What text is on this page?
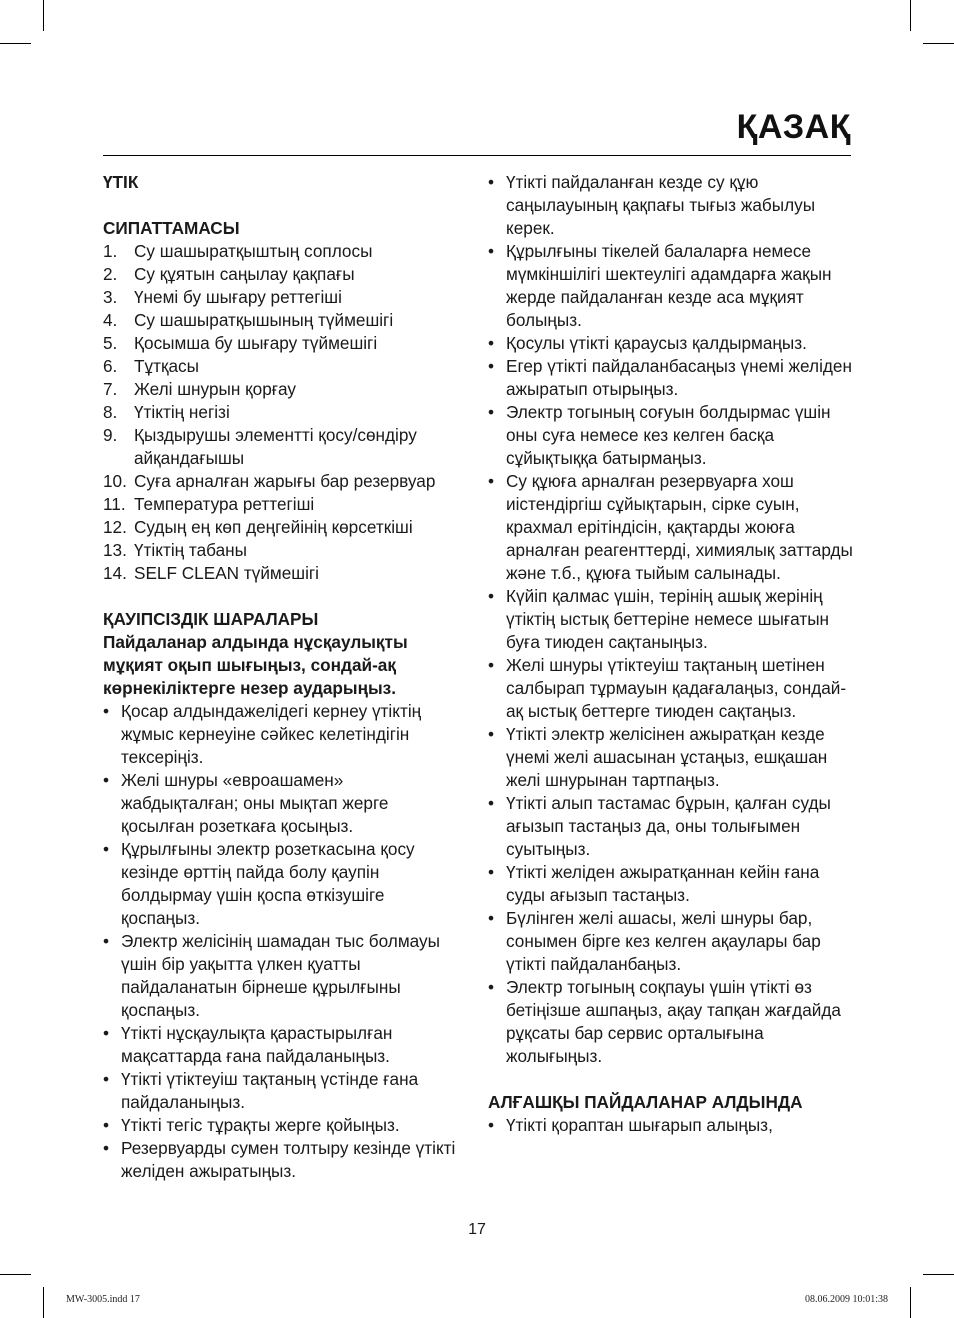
ҚАЗАҚ
ҮТІК
СИПАТТАМАСЫ
1. Су шашыратқыштың соплосы
2. Су құятын саңылау қақпағы
3. Үнемі бу шығару реттегіші
4. Су шашыратқышының түймешігі
5. Қосымша бу шығару түймешігі
6. Тұтқасы
7. Желі шнурын қорғау
8. Үтіктің негізі
9. Қыздырушы элементті қосу/сөндіру айқандағышы
10. Суға арналған жарығы бар резервуар
11. Температура реттегіші
12. Судың ең көп деңгейінің көрсеткіші
13. Үтіктің табаны
14. SELF CLEAN түймешігі
ҚАУІПСІЗДІК ШАРАЛАРЫ
Пайдаланар алдында нұсқаулықты мұқият оқып шығыңыз, сондай-ақ көрнекіліктерге незер аударыңыз.
• Қосар алдындажелідегі кернеу үтіктің жұмыс кернеуіне сәйкес келетіндігін тексеріңіз.
• Желі шнуры «евроашамен» жабдықталған; оны мықтап жерге қосылған розеткаға қосыңыз.
• Құрылғыны электр розеткасына қосу кезінде өрттің пайда болу қаупін болдырмау үшін қоспа өткізушіге қоспаңыз.
• Электр желісінің шамадан тыс болмауы үшін бір уақытта үлкен қуатты пайдаланатын бірнеше құрылғыны қоспаңыз.
• Үтікті нұсқаулықта қарастырылған мақсаттарда ғана пайдаланыңыз.
• Үтікті үтіктеуіш тақтаның үстінде ғана пайдаланыңыз.
• Үтікті тегіс тұрақты жерге қойыңыз.
• Резервуарды сумен толтыру кезінде үтікті желіден ажыратыңыз.
• Үтікті пайдаланған кезде су құю саңылауының қақпағы тығыз жабылуы керек.
• Құрылғыны тікелей балаларға немесе мүмкіншілігі шектеулігі адамдарға жақын жерде пайдаланған кезде аса мұқият болыңыз.
• Қосулы үтікті қараусыз қалдырмаңыз.
• Егер үтікті пайдаланбасаңыз үнемі желіден ажыратып отырыңыз.
• Электр тогының соғуын болдырмас үшін оны суға немесе кез келген басқа сұйықтыққа батырмаңыз.
• Су құюға арналған резервуарға хош иістендіргіш сұйықтарын, сірке суын, крахмал ерітіндісін, қақтарды жоюға арналған реагенттерді, химиялық заттарды және т.б., құюға тыйым салынады.
• Күйіп қалмас үшін, терінің ашық жерінің үтіктің ыстық беттеріне немесе шығатын буға тиюден сақтаныңыз.
• Желі шнуры үтіктеуіш тақтаның шетінен салбырап тұрмауын қадағалаңыз, сондай-ақ ыстық беттерге тиюден сақтаңыз.
• Үтікті электр желісінен ажыратқан кезде үнемі желі ашасынан ұстаңыз, ешқашан желі шнурынан тартпаңыз.
• Үтікті алып тастамас бұрын, қалған суды ағызып тастаңыз да, оны толығымен суытыңыз.
• Үтікті желіден ажыратқаннан кейін ғана суды ағызып тастаңыз.
• Бүлінген желі ашасы, желі шнуры бар, сонымен бірге кез келген ақаулары бар үтікті пайдаланбаңыз.
• Электр тогының соқпауы үшін үтікті өз бетіңізше ашпаңыз, ақау тапқан жағдайда рұқсаты бар сервис орталығына жолығыңыз.
АЛҒАШҚЫ ПАЙДАЛАНАР АЛДЫНДА
• Үтікті қораптан шығарып алыңыз,
17
MW-3005.indd 17	08.06.2009 10:01:38
